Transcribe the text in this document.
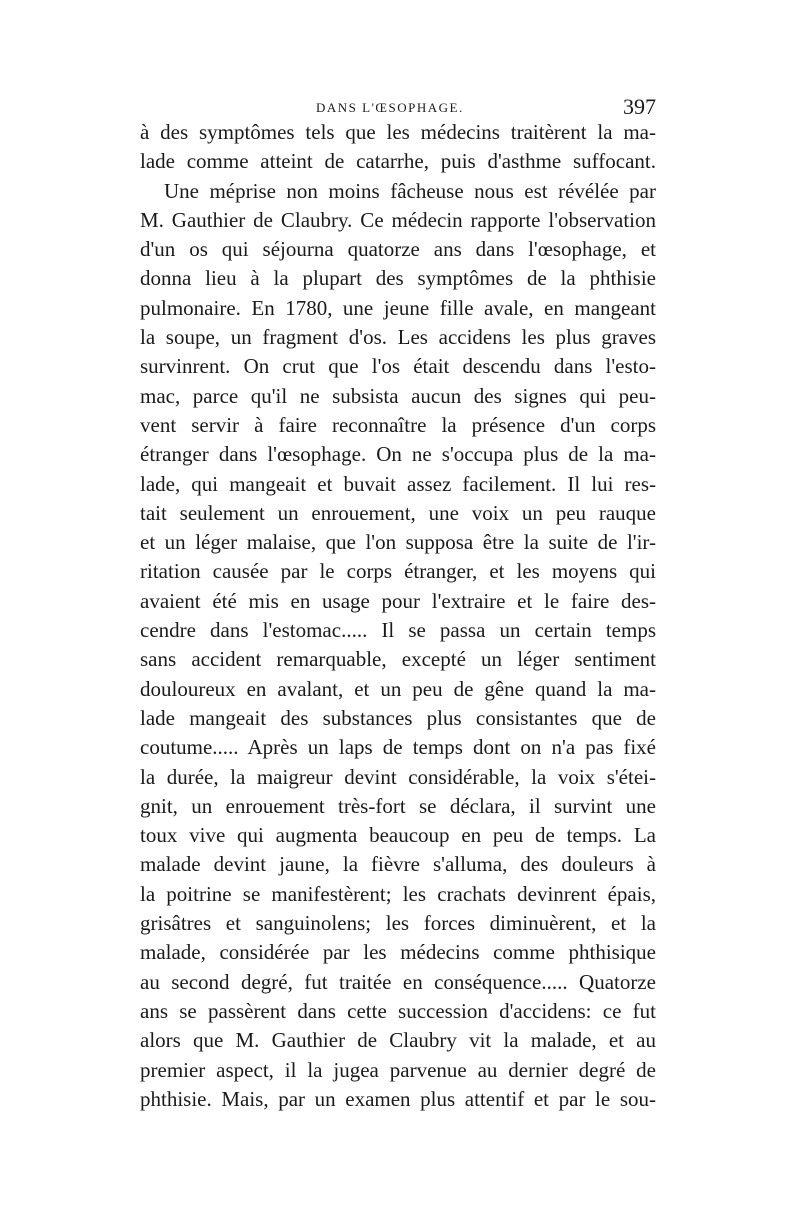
DANS L'ŒSOPHAGE.	397
à des symptômes tels que les médecins traitèrent la ma-
lade comme atteint de catarrhe, puis d'asthme suffocant.
Une méprise non moins fâcheuse nous est révélée par
M. Gauthier de Claubry. Ce médecin rapporte l'observation
d'un os qui séjourna quatorze ans dans l'œsophage, et
donna lieu à la plupart des symptômes de la phthisie
pulmonaire. En 1780, une jeune fille avale, en mangeant
la soupe, un fragment d'os. Les accidens les plus graves
survinrent. On crut que l'os était descendu dans l'esto-
mac, parce qu'il ne subsista aucun des signes qui peu-
vent servir à faire reconnaître la présence d'un corps
étranger dans l'œsophage. On ne s'occupa plus de la ma-
lade, qui mangeait et buvait assez facilement. Il lui res-
tait seulement un enrouement, une voix un peu rauque
et un léger malaise, que l'on supposa être la suite de l'ir-
ritation causée par le corps étranger, et les moyens qui
avaient été mis en usage pour l'extraire et le faire des-
cendre dans l'estomac..... Il se passa un certain temps
sans accident remarquable, excepté un léger sentiment
douloureux en avalant, et un peu de gêne quand la ma-
lade mangeait des substances plus consistantes que de
coutume..... Après un laps de temps dont on n'a pas fixé
la durée, la maigreur devint considérable, la voix s'étei-
gnit, un enrouement très-fort se déclara, il survint une
toux vive qui augmenta beaucoup en peu de temps. La
malade devint jaune, la fièvre s'alluma, des douleurs à
la poitrine se manifestèrent; les crachats devinrent épais,
grisâtres et sanguinolens; les forces diminuèrent, et la
malade, considérée par les médecins comme phthisique
au second degré, fut traitée en conséquence..... Quatorze
ans se passèrent dans cette succession d'accidens: ce fut
alors que M. Gauthier de Claubry vit la malade, et au
premier aspect, il la jugea parvenue au dernier degré de
phthisie. Mais, par un examen plus attentif et par le sou-
